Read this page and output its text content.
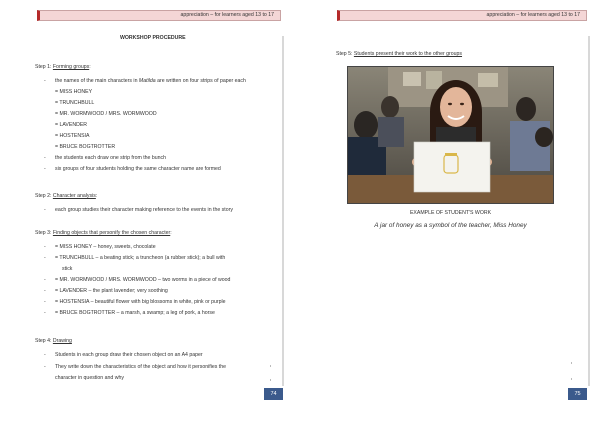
appreciation – for learners aged 13 to 17
WORKSHOP PROCEDURE
Step 1: Forming groups:
- the names of the main characters in Matilda are written on four strips of paper each
= MISS HONEY
= TRUNCHBULL
= MR. WORMWOOD / MRS. WORMWOOD
= LAVENDER
= HOSTENSIA
= BRUCE BOGTROTTER
- the students each draw one strip from the bunch
- six groups of four students holding the same character name are formed
Step 2: Character analysis:
- each group studies their character making reference to the events in the story
Step 3: Finding objects that personify the chosen character:
- = MISS HONEY – honey, sweets, chocolate
- = TRUNCHBULL – a beating stick; a truncheon (a rubber stick); a bull with
stick
- = MR. WORMWOOD / MRS. WORMWOOD – two worms in a piece of wood
- = LAVENDER – the plant lavender; very soothing
- = HOSTENSIA – beautiful flower with big blossoms in white, pink or purple
- = BRUCE BOGTROTTER – a marsh, a swamp; a leg of pork, a horse
Step 4: Drawing
- Students in each group draw their chosen object on an A4 paper
- They write down the characteristics of the object and how it personifies the
character in question and why
74
appreciation – for learners aged 13 to 17
Step 5: Students present their work to the other groups
EXAMPLE OF STUDENT'S WORK
A jar of honey as a symbol of the teacher, Miss Honey
75
